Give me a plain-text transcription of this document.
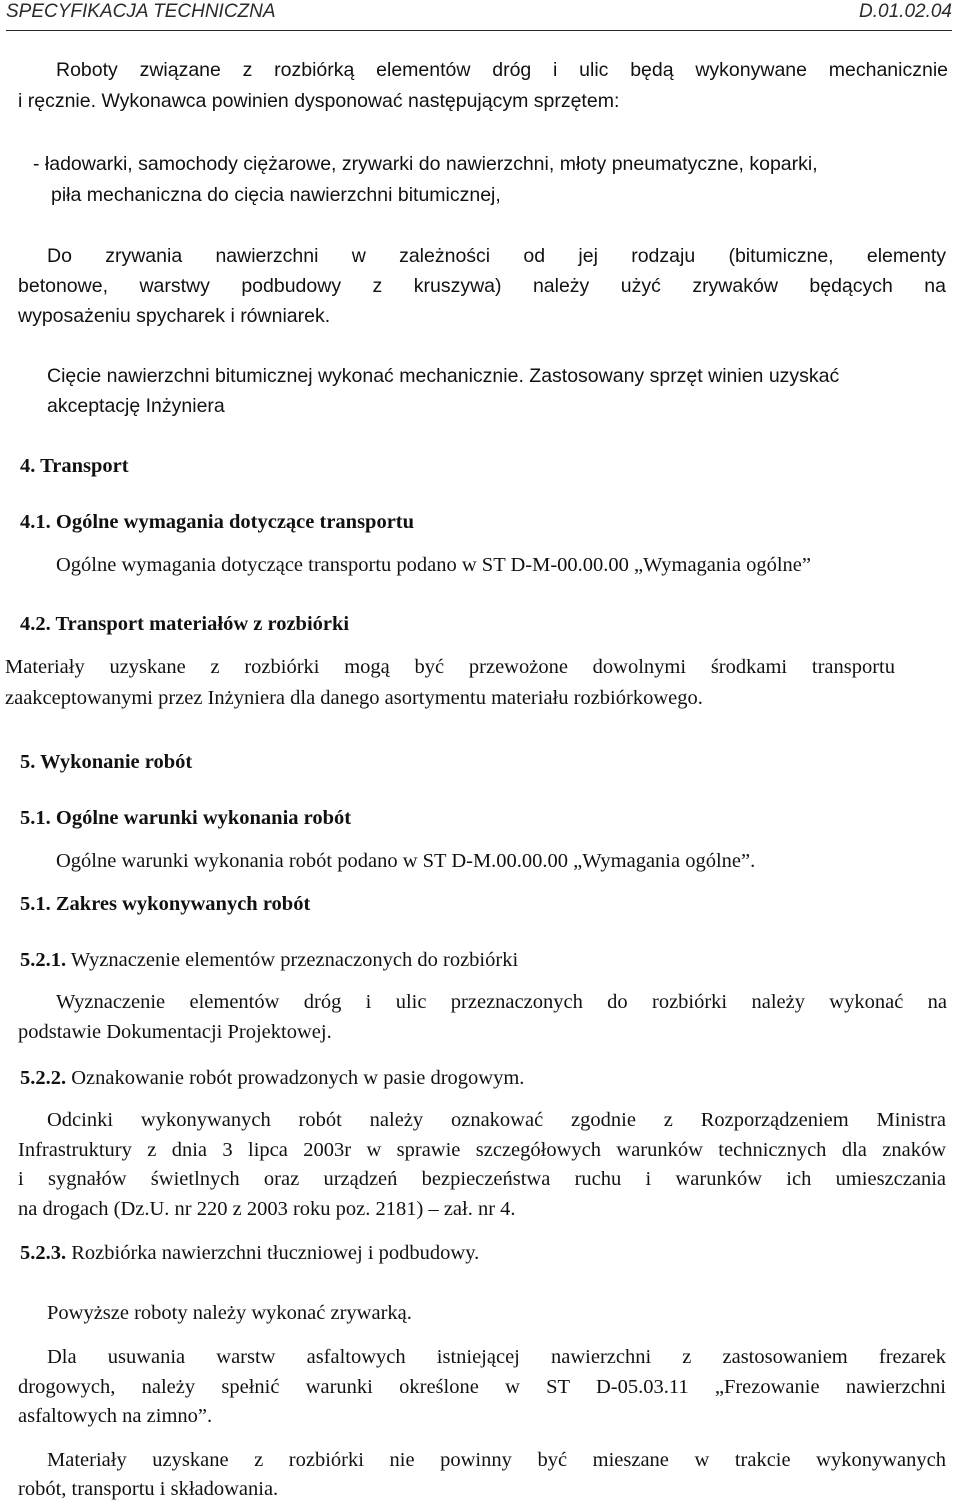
SPECYFIKACJA TECHNICZNA	D.01.02.04
Roboty związane z rozbiórką elementów dróg i ulic będą wykonywane mechanicznie
i ręcznie. Wykonawca powinien dysponować następującym sprzętem:
- ładowarki, samochody ciężarowe, zrywarki do nawierzchni, młoty pneumatyczne, koparki,
piła mechaniczna do cięcia nawierzchni bitumicznej,
Do zrywania nawierzchni w zależności od jej rodzaju (bitumiczne, elementy
betonowe, warstwy podbudowy z kruszywa) należy użyć zrywaków będących na
wyposażeniu spycharek i równiarek.
Cięcie nawierzchni bitumicznej wykonać mechanicznie. Zastosowany sprzęt winien uzyskać
akceptację Inżyniera
4. Transport
4.1. Ogólne wymagania dotyczące transportu
Ogólne wymagania dotyczące transportu podano w ST D-M-00.00.00 „Wymagania ogólne”
4.2. Transport materiałów z rozbiórki
Materiały uzyskane z rozbiórki mogą być przewożone dowolnymi środkami transportu
zaakceptowanymi przez Inżyniera dla danego asortymentu materiału rozbiórkowego.
5. Wykonanie robót
5.1. Ogólne warunki wykonania robót
Ogólne warunki wykonania robót podano w ST D-M.00.00.00 „Wymagania ogólne”.
5.1. Zakres wykonywanych robót
5.2.1. Wyznaczenie elementów przeznaczonych do rozbiórki
Wyznaczenie elementów dróg i ulic przeznaczonych do rozbiórki należy wykonać na
podstawie Dokumentacji Projektowej.
5.2.2. Oznakowanie robót prowadzonych w pasie drogowym.
Odcinki wykonywanych robót należy oznakować zgodnie z Rozporządzeniem Ministra
Infrastruktury z dnia 3 lipca 2003r w sprawie szczegółowych warunków technicznych dla znaków
i sygnałów świetlnych oraz urządzeń bezpieczeństwa ruchu i warunków ich umieszczania
na drogach (Dz.U. nr 220 z 2003 roku poz. 2181) – zał. nr 4.
5.2.3. Rozbiórka nawierzchni tłuczniowej i podbudowy.
Powyższe roboty należy wykonać zrywarką.
Dla usuwania warstw asfaltowych istniejącej nawierzchni z zastosowaniem frezarek
drogowych, należy spełnić warunki określone w ST D-05.03.11 „Frezowanie nawierzchni
asfaltowych na zimno”.
Materiały uzyskane z rozbiórki nie powinny być mieszane w trakcie wykonywanych
robót, transportu i składowania.
